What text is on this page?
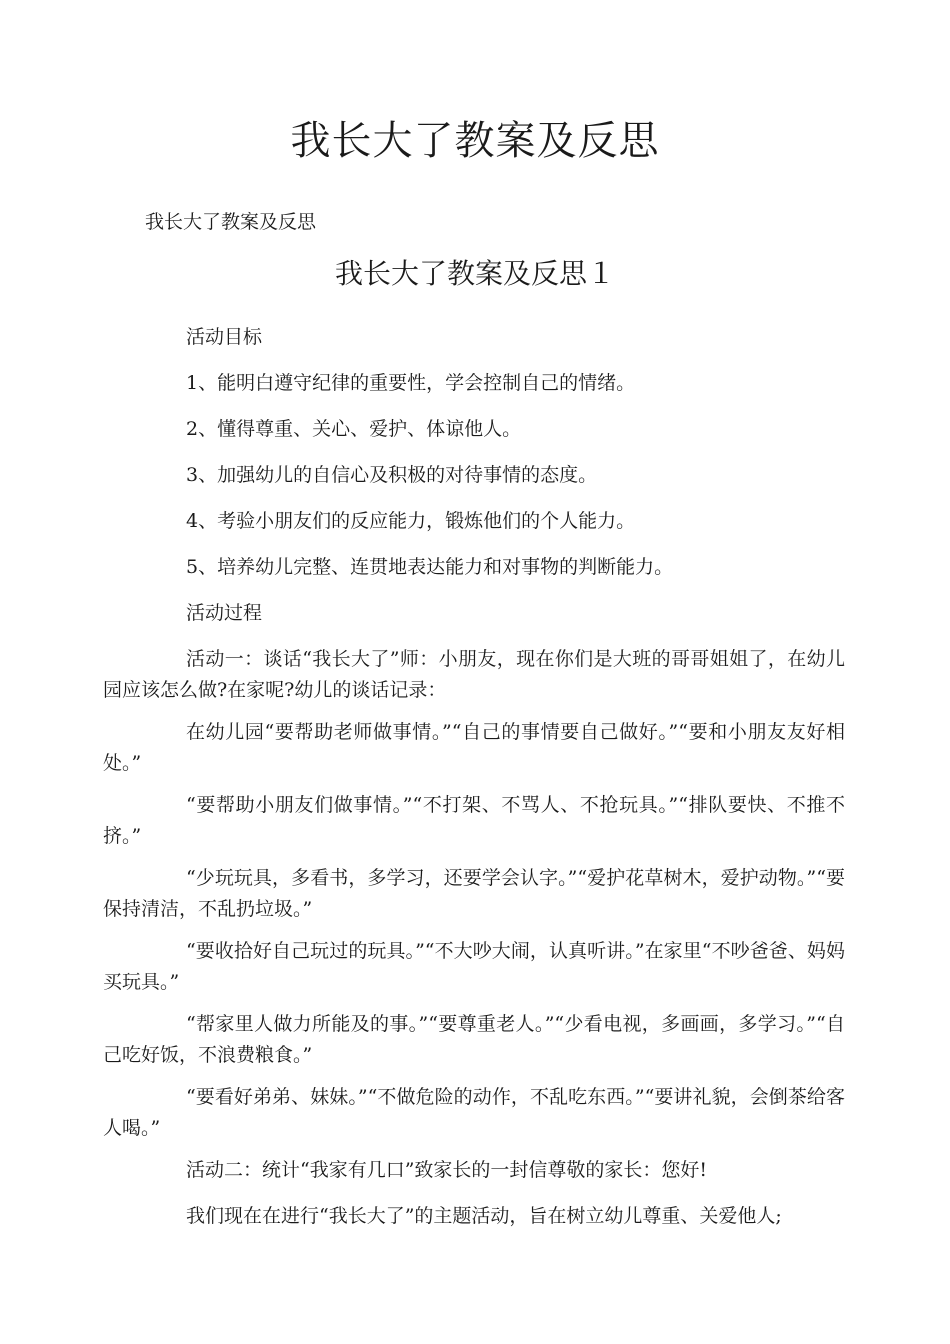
我长大了教案及反思

我长大了教案及反思

我长大了教案及反思１

活动目标

1、能明白遵守纪律的重要性，学会控制自己的情绪。

2、懂得尊重、关心、爱护、体谅他人。

3、加强幼儿的自信心及积极的对待事情的态度。

4、考验小朋友们的反应能力，锻炼他们的个人能力。

5、培养幼儿完整、连贯地表达能力和对事物的判断能力。

活动过程

活动一：谈话“我长大了”师：小朋友，现在你们是大班的哥哥姐姐了，在幼儿园应该怎么做?在家呢?幼儿的谈话记录：

在幼儿园“要帮助老师做事情。”“自己的事情要自己做好。”“要和小朋友友好相处。”

“要帮助小朋友们做事情。”“不打架、不骂人、不抢玩具。”“排队要快、不推不挤。”

“少玩玩具，多看书，多学习，还要学会认字。”“爱护花草树木，爱护动物。”“要保持清洁，不乱扔垃圾。”

“要收拾好自己玩过的玩具。”“不大吵大闹，认真听讲。”在家里“不吵爸爸、妈妈买玩具。”

“帮家里人做力所能及的事。”“要尊重老人。”“少看电视，多画画，多学习。”“自己吃好饭，不浪费粮食。”

“要看好弟弟、妹妹。”“不做危险的动作，不乱吃东西。”“要讲礼貌，会倒茶给客人喝。”

活动二：统计“我家有几口”致家长的一封信尊敬的家长：您好!

我们现在在进行“我长大了”的主题活动，旨在树立幼儿尊重、关爱他人;
